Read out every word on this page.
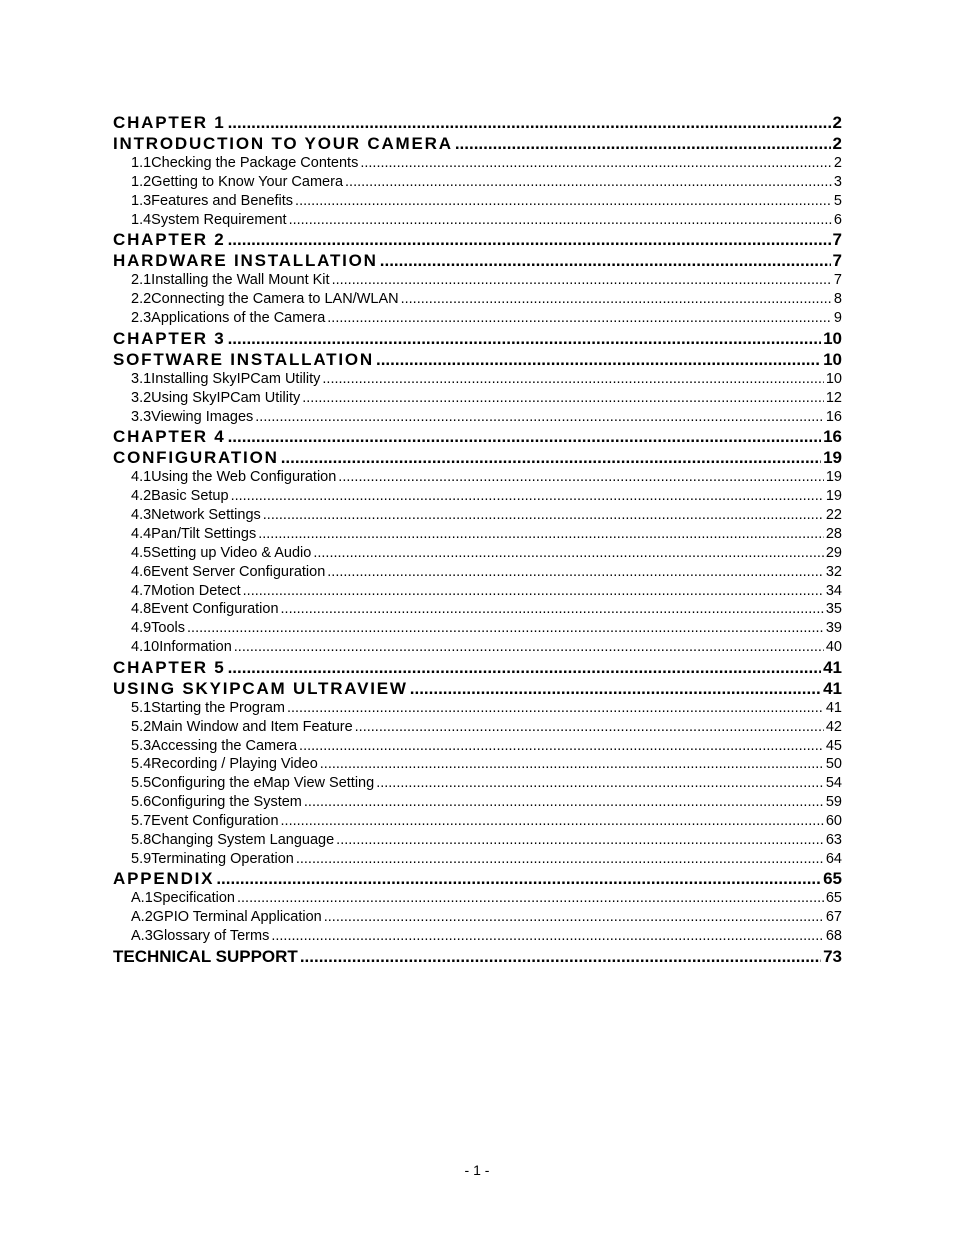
CHAPTER 1 .....	2
INTRODUCTION TO YOUR CAMERA .....	2
1.1 Checking the Package Contents .....	2
1.2 Getting to Know Your Camera .....	3
1.3 Features and Benefits .....	5
1.4 System Requirement .....	6
CHAPTER 2 .....	7
HARDWARE INSTALLATION .....	7
2.1 Installing the Wall Mount Kit .....	7
2.2 Connecting the Camera to LAN/WLAN .....	8
2.3 Applications of the Camera .....	9
CHAPTER 3 .....	10
SOFTWARE INSTALLATION .....	10
3.1 Installing SkyIPCam Utility .....	10
3.2 Using SkyIPCam Utility .....	12
3.3 Viewing Images .....	16
CHAPTER 4 .....	16
CONFIGURATION .....	19
4.1 Using the Web Configuration .....	19
4.2 Basic Setup .....	19
4.3 Network Settings .....	22
4.4 Pan/Tilt Settings .....	28
4.5 Setting up Video & Audio .....	29
4.6 Event Server Configuration .....	32
4.7 Motion Detect .....	34
4.8 Event Configuration .....	35
4.9 Tools .....	39
4.10 Information .....	40
CHAPTER 5 .....	41
USING SKYIPCAM ULTRAVIEW .....	41
5.1 Starting the Program .....	41
5.2 Main Window and Item Feature .....	42
5.3 Accessing the Camera .....	45
5.4 Recording / Playing Video .....	50
5.5 Configuring the eMap View Setting .....	54
5.6 Configuring the System .....	59
5.7 Event Configuration .....	60
5.8 Changing System Language .....	63
5.9 Terminating Operation .....	64
APPENDIX .....	65
A.1 Specification .....	65
A.2 GPIO Terminal Application .....	67
A.3 Glossary of Terms .....	68
TECHNICAL SUPPORT .....	73
- 1 -
